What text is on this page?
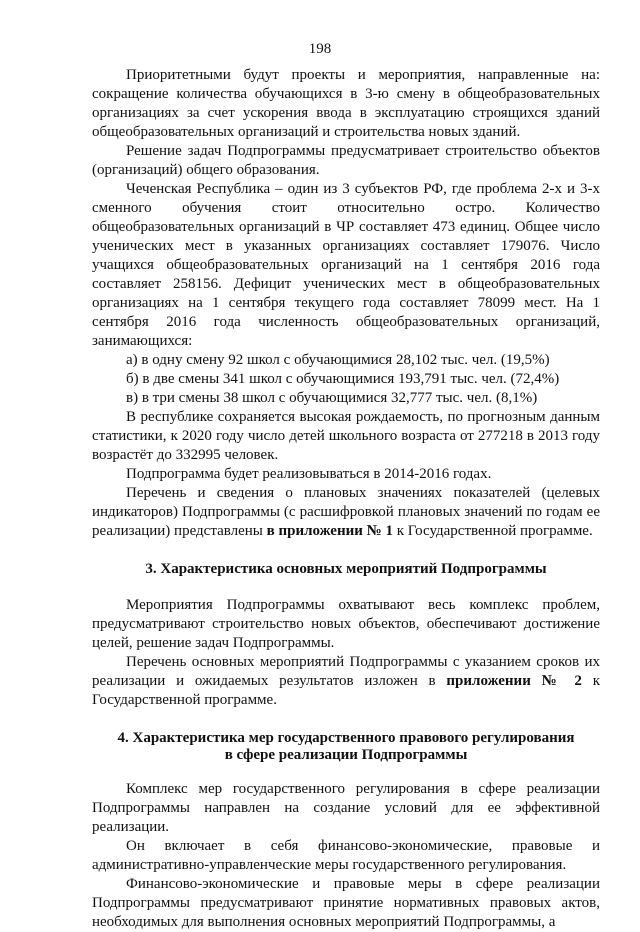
198

Приоритетными будут проекты и мероприятия, направленные на: сокращение количества обучающихся в 3-ю смену в общеобразовательных организациях за счет ускорения ввода в эксплуатацию строящихся зданий общеобразовательных организаций и строительства новых зданий.

Решение задач Подпрограммы предусматривает строительство объектов (организаций) общего образования.

Чеченская Республика – один из 3 субъектов РФ, где проблема 2-х и 3-х сменного обучения стоит относительно остро. Количество общеобразовательных организаций в ЧР составляет 473 единиц. Общее число ученических мест в указанных организациях составляет 179076. Число учащихся общеобразовательных организаций на 1 сентября 2016 года составляет 258156. Дефицит ученических мест в общеобразовательных организациях на 1 сентября текущего года составляет 78099 мест. На 1 сентября 2016 года численность общеобразовательных организаций, занимающихся:

а) в одну смену 92 школ с обучающимися 28,102 тыс. чел. (19,5%)

б) в две смены 341 школ с обучающимися 193,791 тыс. чел. (72,4%)

в) в три смены 38 школ с обучающимися 32,777 тыс. чел. (8,1%)

В республике сохраняется высокая рождаемость, по прогнозным данным статистики, к 2020 году число детей школьного возраста от 277218 в 2013 году возрастёт до 332995 человек.

Подпрограмма будет реализовываться в 2014-2016 годах.

Перечень и сведения о плановых значениях показателей (целевых индикаторов) Подпрограммы (с расшифровкой плановых значений по годам ее реализации) представлены в приложении № 1 к Государственной программе.

3. Характеристика основных мероприятий Подпрограммы

Мероприятия Подпрограммы охватывают весь комплекс проблем, предусматривают строительство новых объектов, обеспечивают достижение целей, решение задач Подпрограммы.

Перечень основных мероприятий Подпрограммы с указанием сроков их реализации и ожидаемых результатов изложен в приложении № 2 к Государственной программе.

4. Характеристика мер государственного правового регулирования
в сфере реализации Подпрограммы

Комплекс мер государственного регулирования в сфере реализации Подпрограммы направлен на создание условий для ее эффективной реализации.

Он включает в себя финансово-экономические, правовые и административно-управленческие меры государственного регулирования.

Финансово-экономические и правовые меры в сфере реализации Подпрограммы предусматривают принятие нормативных правовых актов, необходимых для выполнения основных мероприятий Подпрограммы, а
